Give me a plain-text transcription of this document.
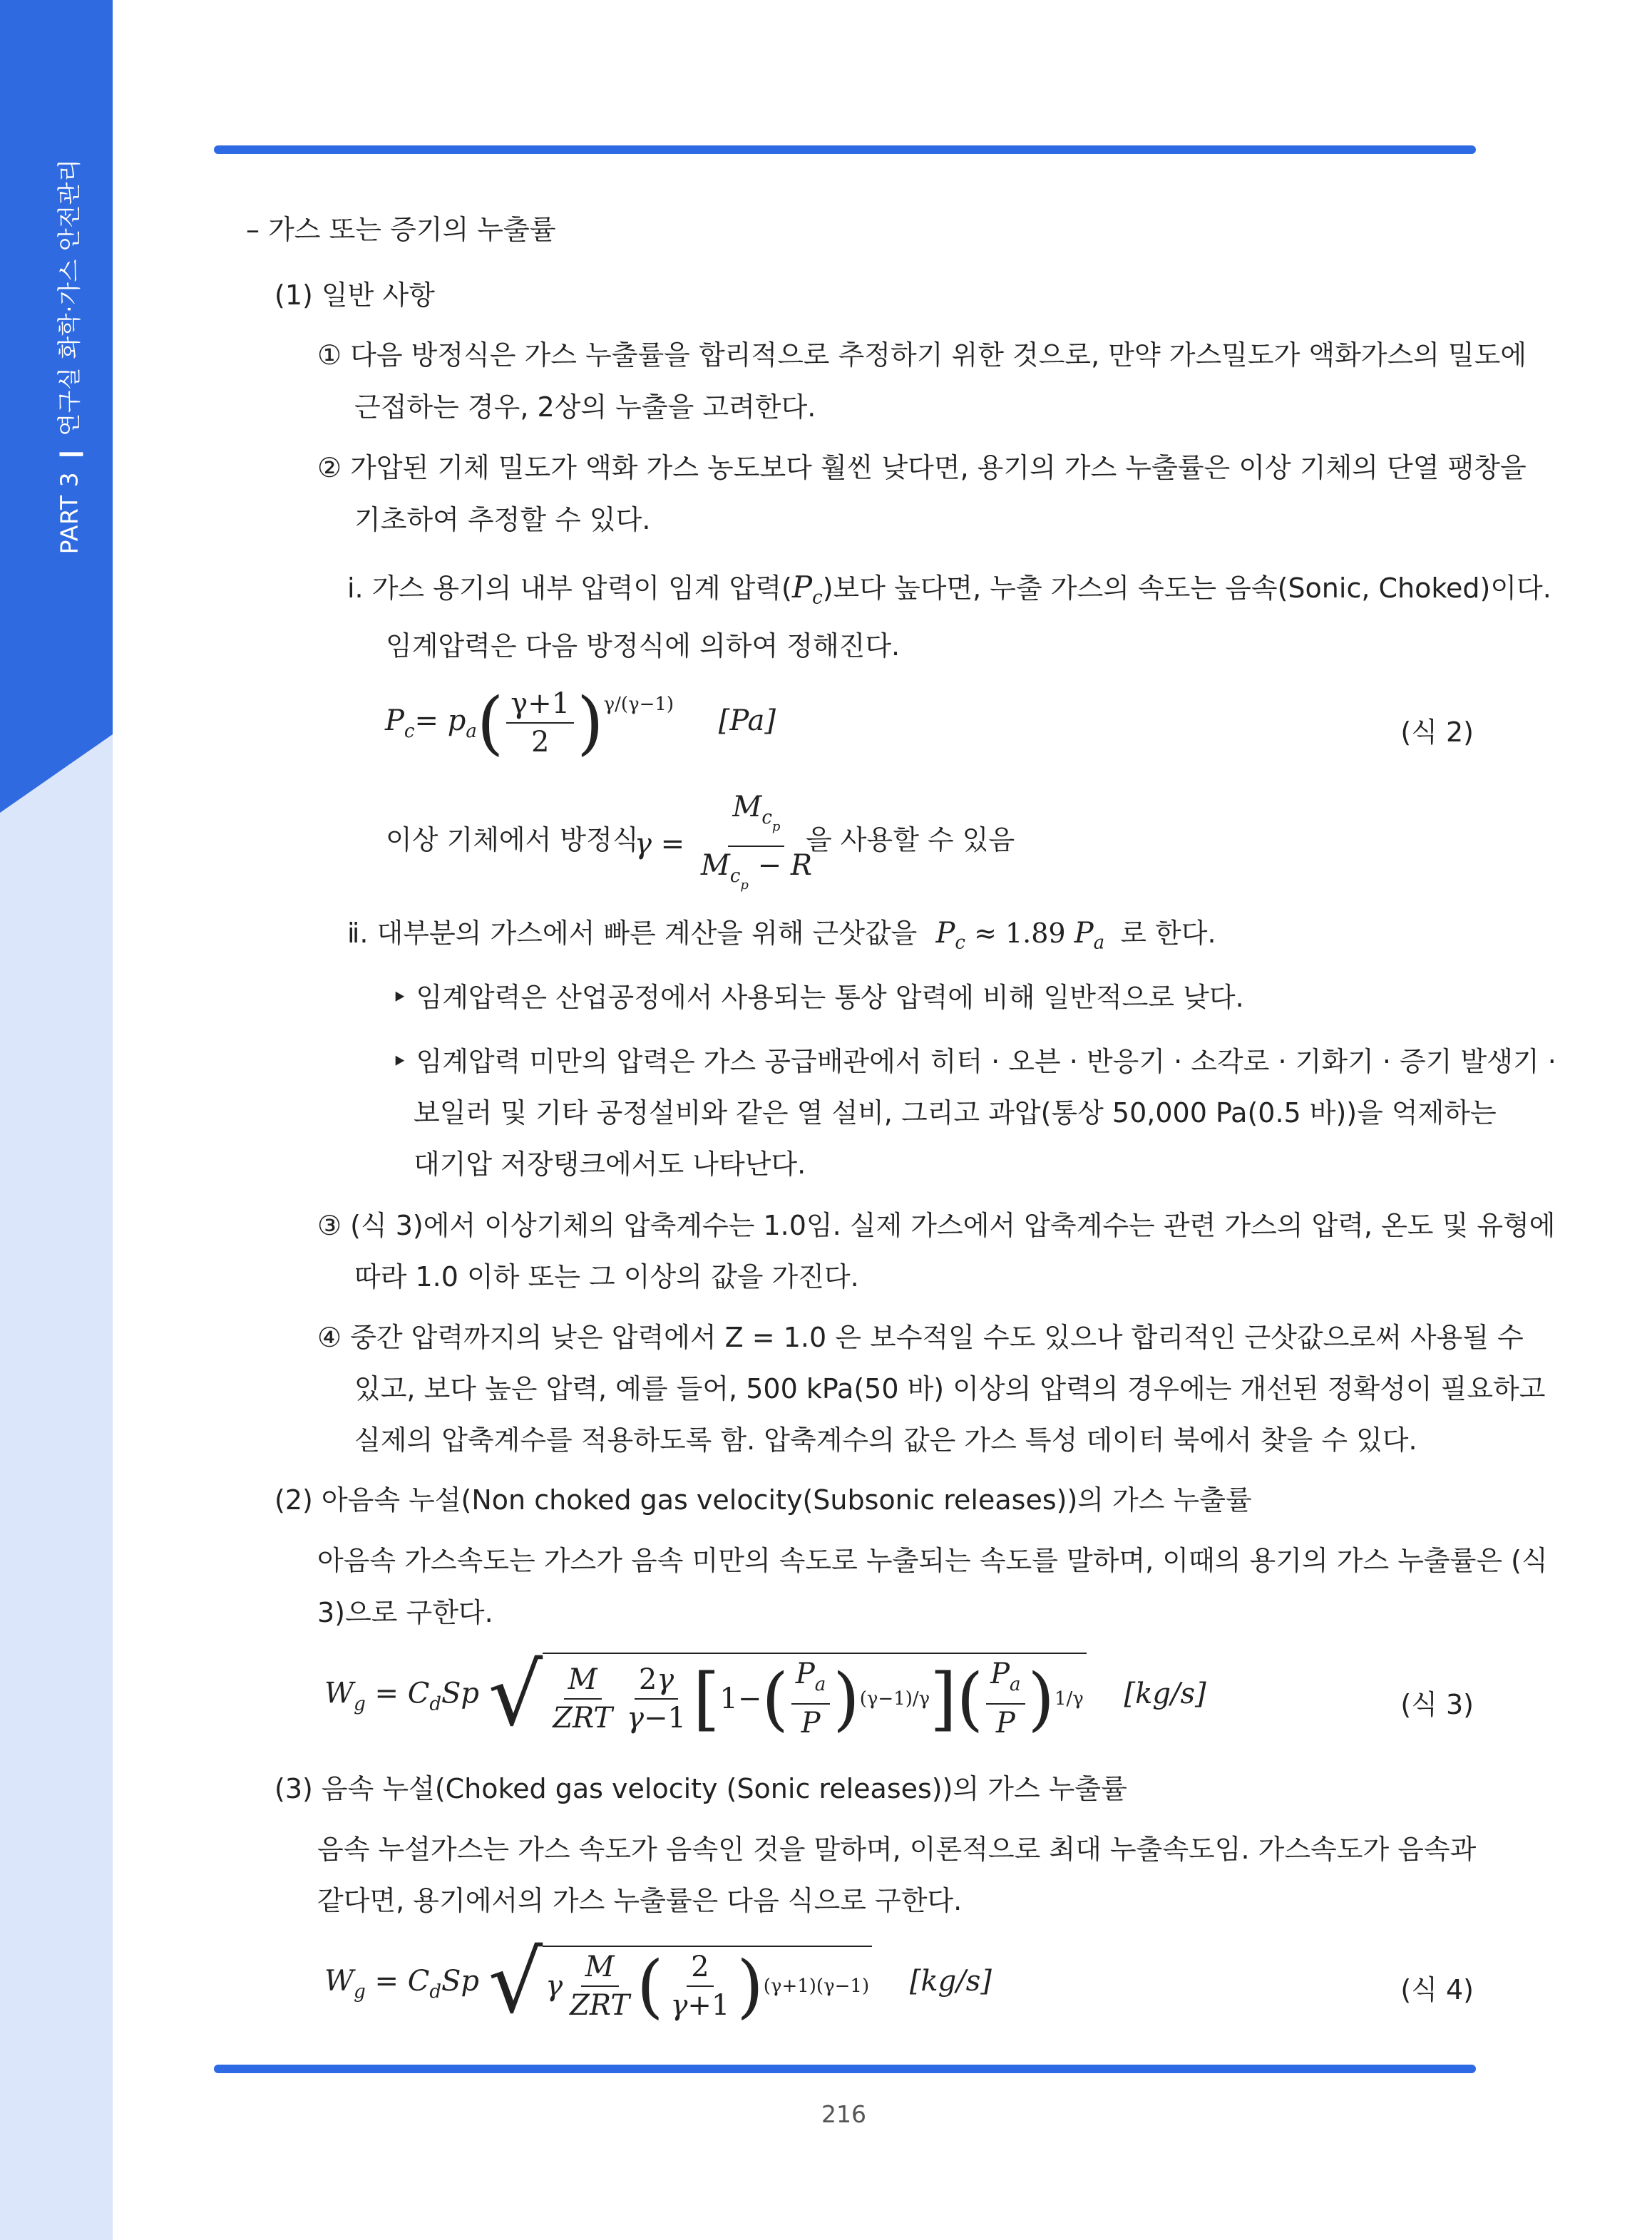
PART 3 ❙ 연구실 화학·가스 안전관리	– 가스 또는 증기의 누출률
(1) 일반 사항
① 다음 방정식은 가스 누출률을 합리적으로 추정하기 위한 것으로, 만약 가스밀도가 액화가스의 밀도에
근접하는 경우, 2상의 누출을 고려한다.
② 가압된 기체 밀도가 액화 가스 농도보다 훨씬 낮다면, 용기의 가스 누출률은 이상 기체의 단열 팽창을
기초하여 추정할 수 있다.
ⅰ. 가스 용기의 내부 압력이 임계 압력$(P_c)$보다 높다면, 누출 가스의 속도는 음속(Sonic, Choked)이다.
임계압력은 다음 방정식에 의하여 정해진다.
$P_c= p_a( \frac{\gamma+1}{2} )^{\gamma/(\gamma-1)}$ [Pa]	(식 2)
이상 기체에서 방정식
$\gamma = \frac{M_{c_p}}{M_{c_p} - R}$
을 사용할 수 있음
ⅱ. 대부분의 가스에서 빠른 계산을 위해 근삿값을 $P_c \approx 1.89$ $P_a$ 로 한다.
‣ 임계압력은 산업공정에서 사용되는 통상 압력에 비해 일반적으로 낮다.
‣ 임계압력 미만의 압력은 가스 공급배관에서 히터 · 오븐 · 반응기 · 소각로 · 기화기 · 증기 발생기 ·
보일러 및 기타 공정설비와 같은 열 설비, 그리고 과압(통상 50,000 Pa(0.5 바))을 억제하는
대기압 저장탱크에서도 나타난다.
③ (식 3)에서 이상기체의 압축계수는 1.0임. 실제 가스에서 압축계수는 관련 가스의 압력, 온도 및 유형에
따라 1.0 이하 또는 그 이상의 값을 가진다.
④ 중간 압력까지의 낮은 압력에서 Z = 1.0 은 보수적일 수도 있으나 합리적인 근삿값으로써 사용될 수
있고, 보다 높은 압력, 예를 들어, 500 kPa(50 바) 이상의 압력의 경우에는 개선된 정확성이 필요하고
실제의 압축계수를 적용하도록 함. 압축계수의 값은 가스 특성 데이터 북에서 찾을 수 있다.
(2) 아음속 누설(Non choked gas velocity(Subsonic releases))의 가스 누출률
아음속 가스속도는 가스가 음속 미만의 속도로 누출되는 속도를 말하며, 이때의 용기의 가스 누출률은 (식
3)으로 구한다.
$W_g = C_dSp$ √ $\frac{M}{\text{ZRT}} \frac{2\gamma}{\gamma-1}$ [ 1− ( $\frac{P_a}{P}$ ) (γ−1)/γ ] ( $\frac{P_a}{P}$ ) 1/γ [kg/s]	(식 3)
(3) 음속 누설(Choked gas velocity (Sonic releases))의 가스 누출률
음속 누설가스는 가스 속도가 음속인 것을 말하며, 이론적으로 최대 누출속도임. 가스속도가 음속과
같다면, 용기에서의 가스 누출률은 다음 식으로 구한다.
$W_g = C_dSp$ √ γ $\frac{M}{\text{ZRT}}$ ( $\frac{2}{\gamma+1}$ ) (γ+1)(γ−1) [kg/s]	(식 4)
216
